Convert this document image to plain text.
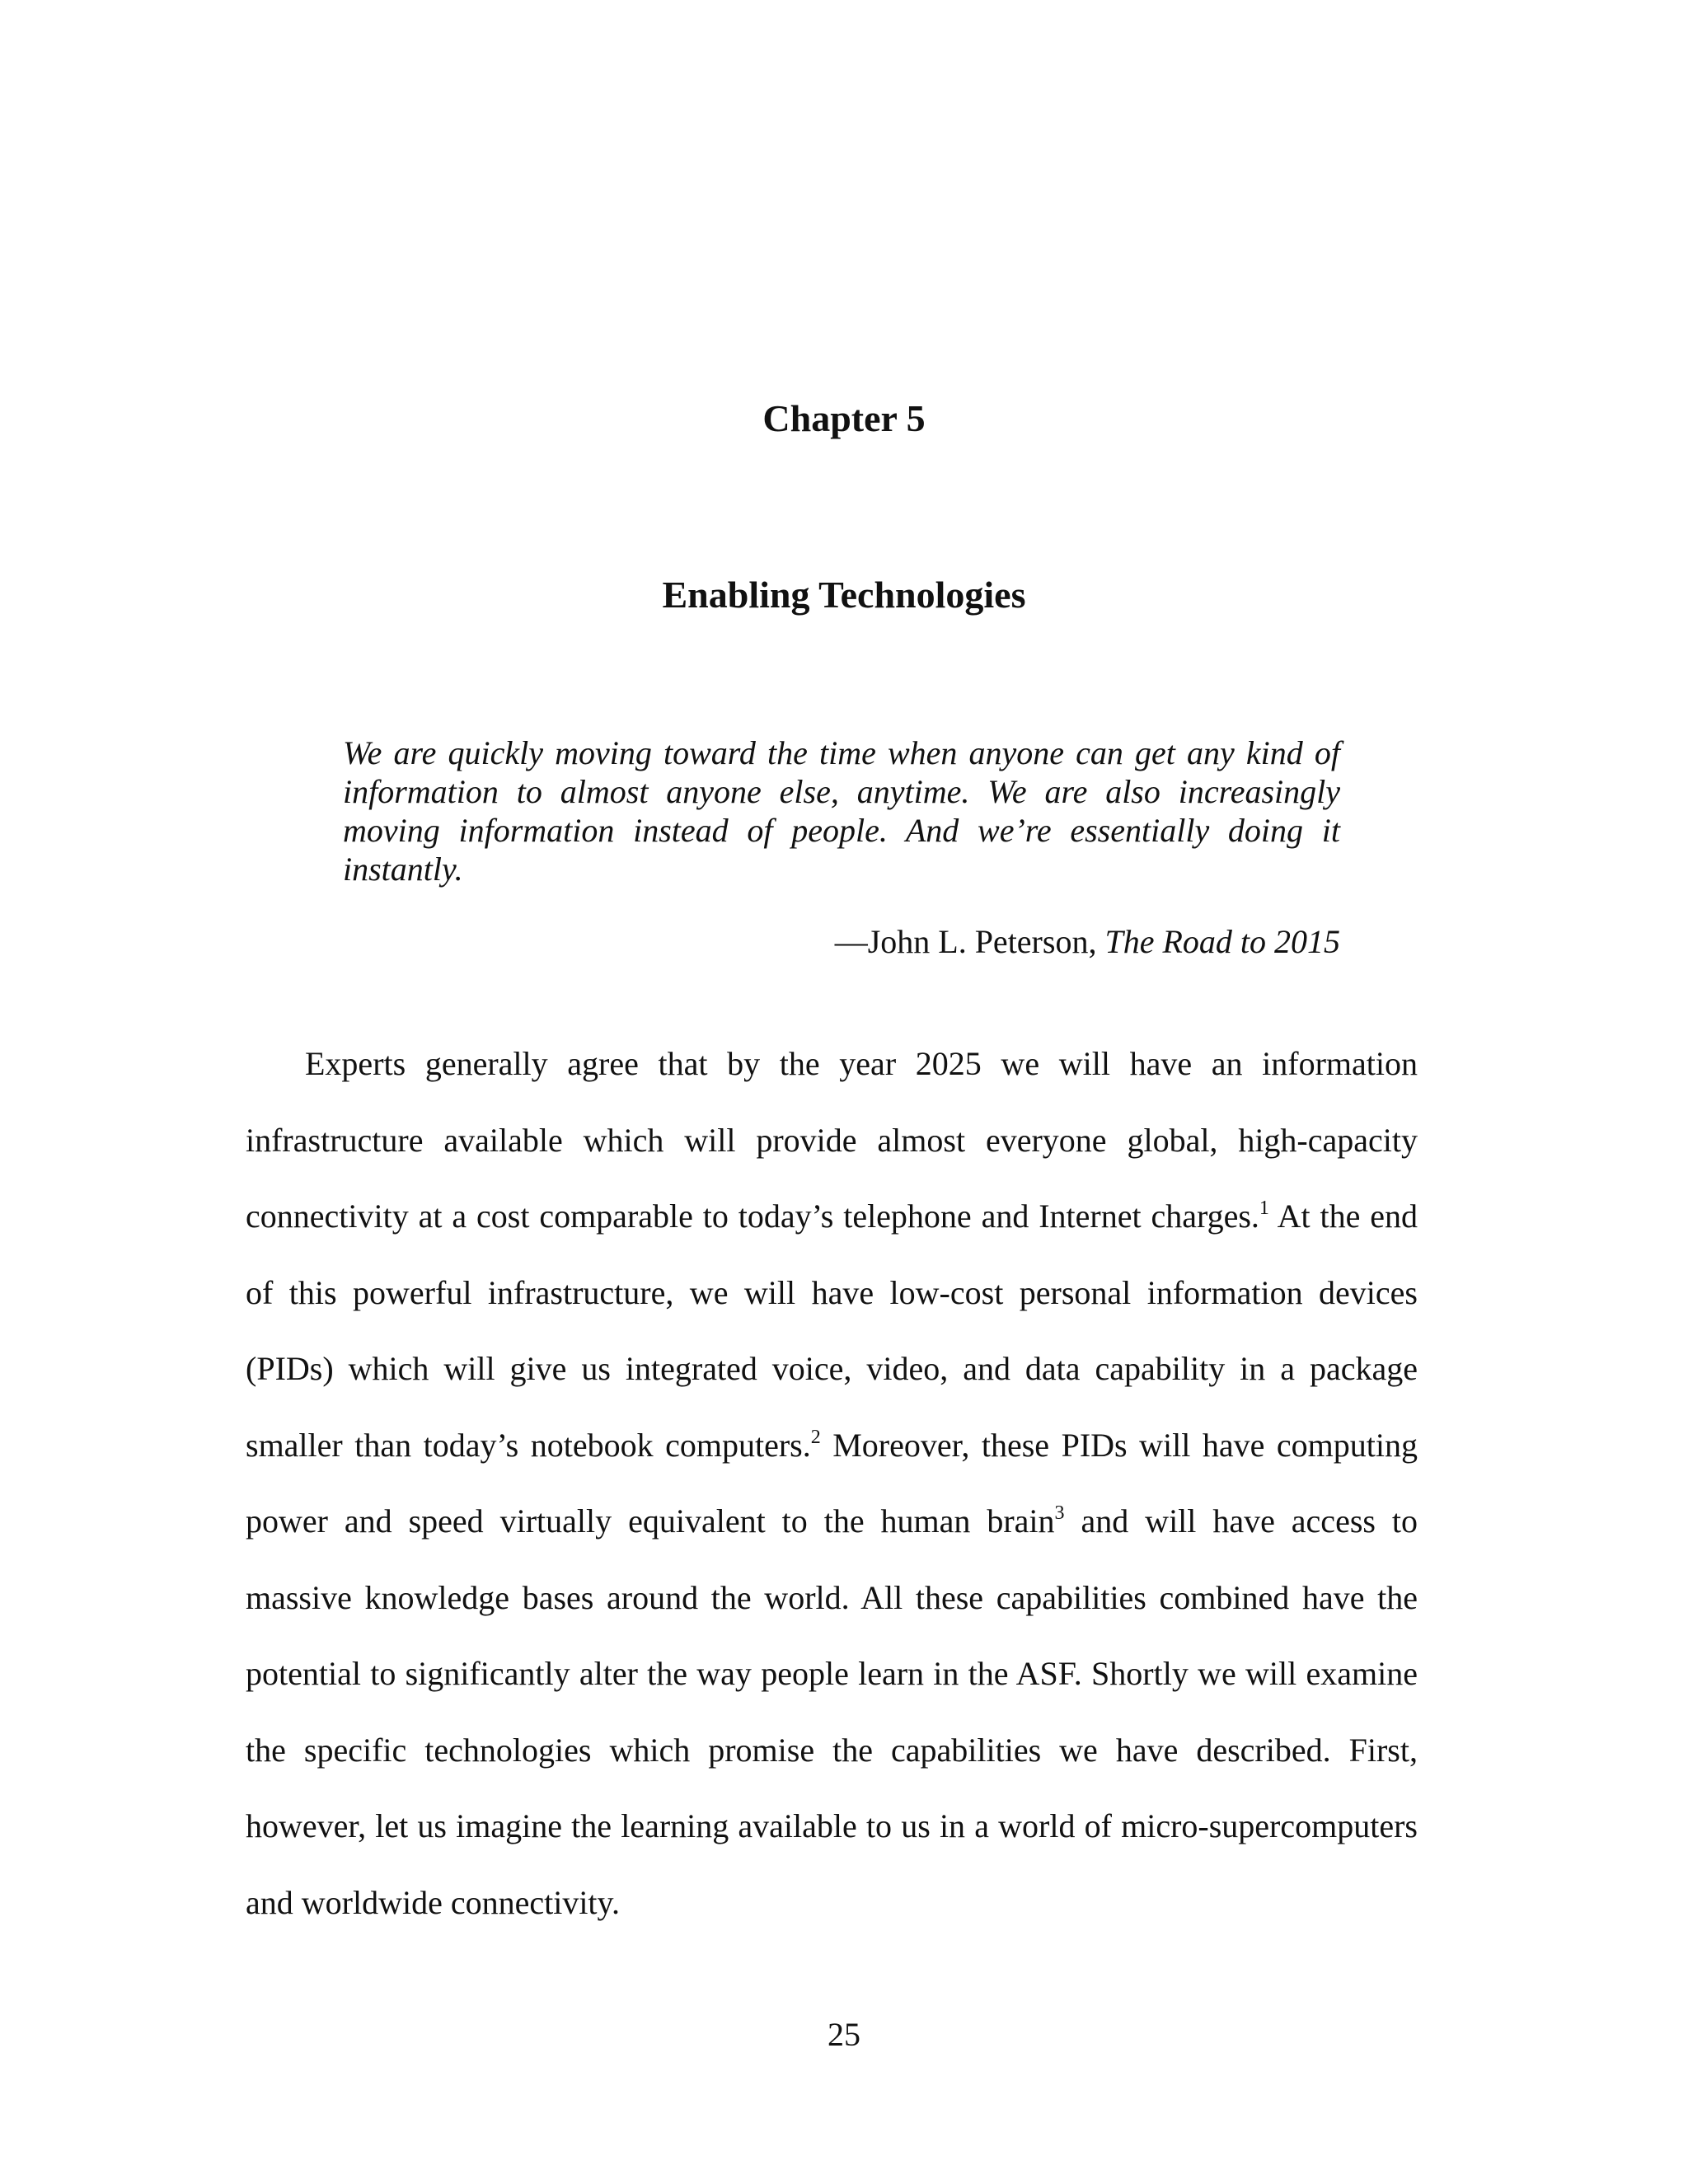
Chapter 5
Enabling Technologies

We are quickly moving toward the time when anyone can get any kind of information to almost anyone else, anytime. We are also increasingly moving information instead of people. And we’re essentially doing it instantly.

—John L. Peterson, The Road to 2015

Experts generally agree that by the year 2025 we will have an information infrastructure available which will provide almost everyone global, high-capacity connectivity at a cost comparable to today’s telephone and Internet charges.$^1$ At the end of this powerful infrastructure, we will have low-cost personal information devices (PIDs) which will give us integrated voice, video, and data capability in a package smaller than today’s notebook computers.$^2$ Moreover, these PIDs will have computing power and speed virtually equivalent to the human brain$^3$ and will have access to massive knowledge bases around the world. All these capabilities combined have the potential to significantly alter the way people learn in the ASF. Shortly we will examine the specific technologies which promise the capabilities we have described. First, however, let us imagine the learning available to us in a world of micro-supercomputers and worldwide connectivity.

25
